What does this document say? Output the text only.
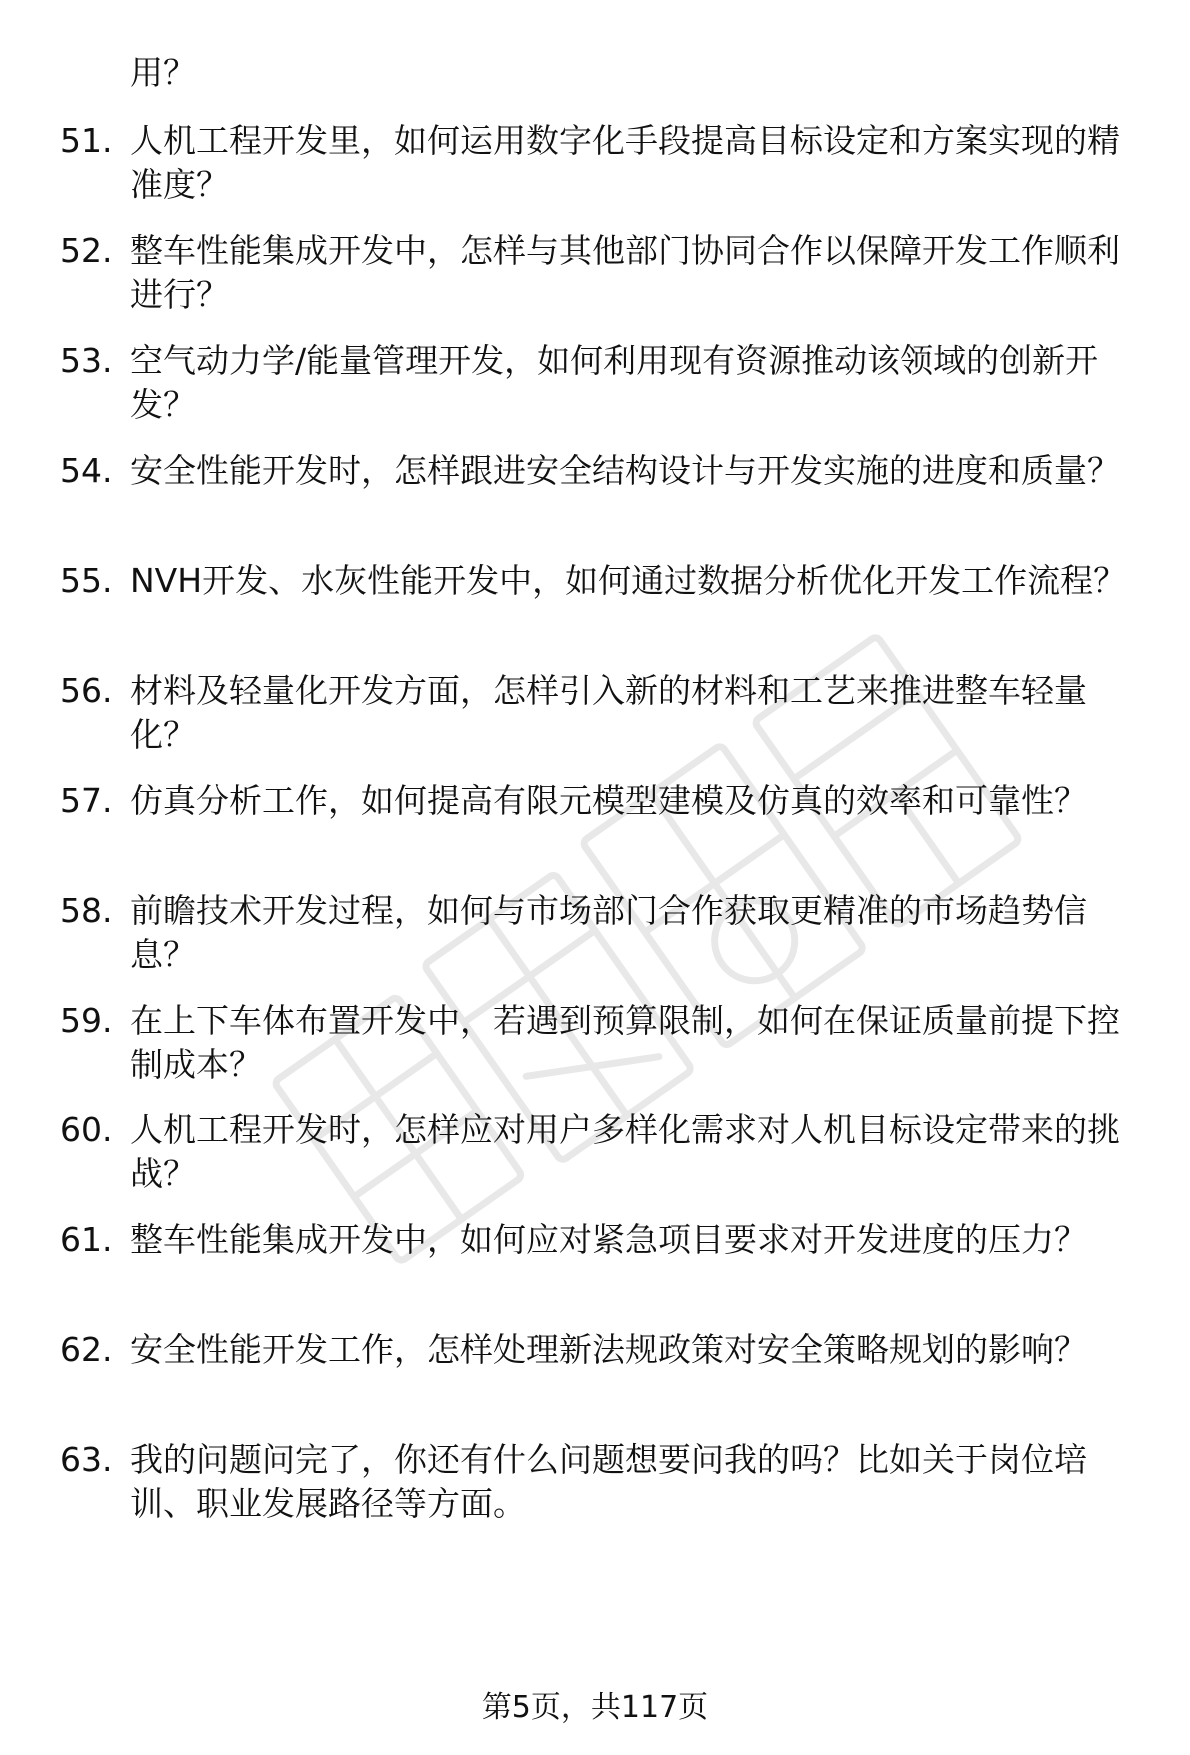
用？
51. 人机工程开发里，如何运用数字化手段提高目标设定和方案实现的精准度？
52. 整车性能集成开发中，怎样与其他部门协同合作以保障开发工作顺利进行？
53. 空气动力学/能量管理开发，如何利用现有资源推动该领域的创新开发？
54. 安全性能开发时，怎样跟进安全结构设计与开发实施的进度和质量？
55. NVH开发、水灰性能开发中，如何通过数据分析优化开发工作流程？
56. 材料及轻量化开发方面，怎样引入新的材料和工艺来推进整车轻量化？
57. 仿真分析工作，如何提高有限元模型建模及仿真的效率和可靠性？
58. 前瞻技术开发过程，如何与市场部门合作获取更精准的市场趋势信息？
59. 在上下车体布置开发中，若遇到预算限制，如何在保证质量前提下控制成本？
60. 人机工程开发时，怎样应对用户多样化需求对人机目标设定带来的挑战？
61. 整车性能集成开发中，如何应对紧急项目要求对开发进度的压力？
62. 安全性能开发工作，怎样处理新法规政策对安全策略规划的影响？
63. 我的问题问完了，你还有什么问题想要问我的吗？比如关于岗位培训、职业发展路径等方面。
第5页，共117页
